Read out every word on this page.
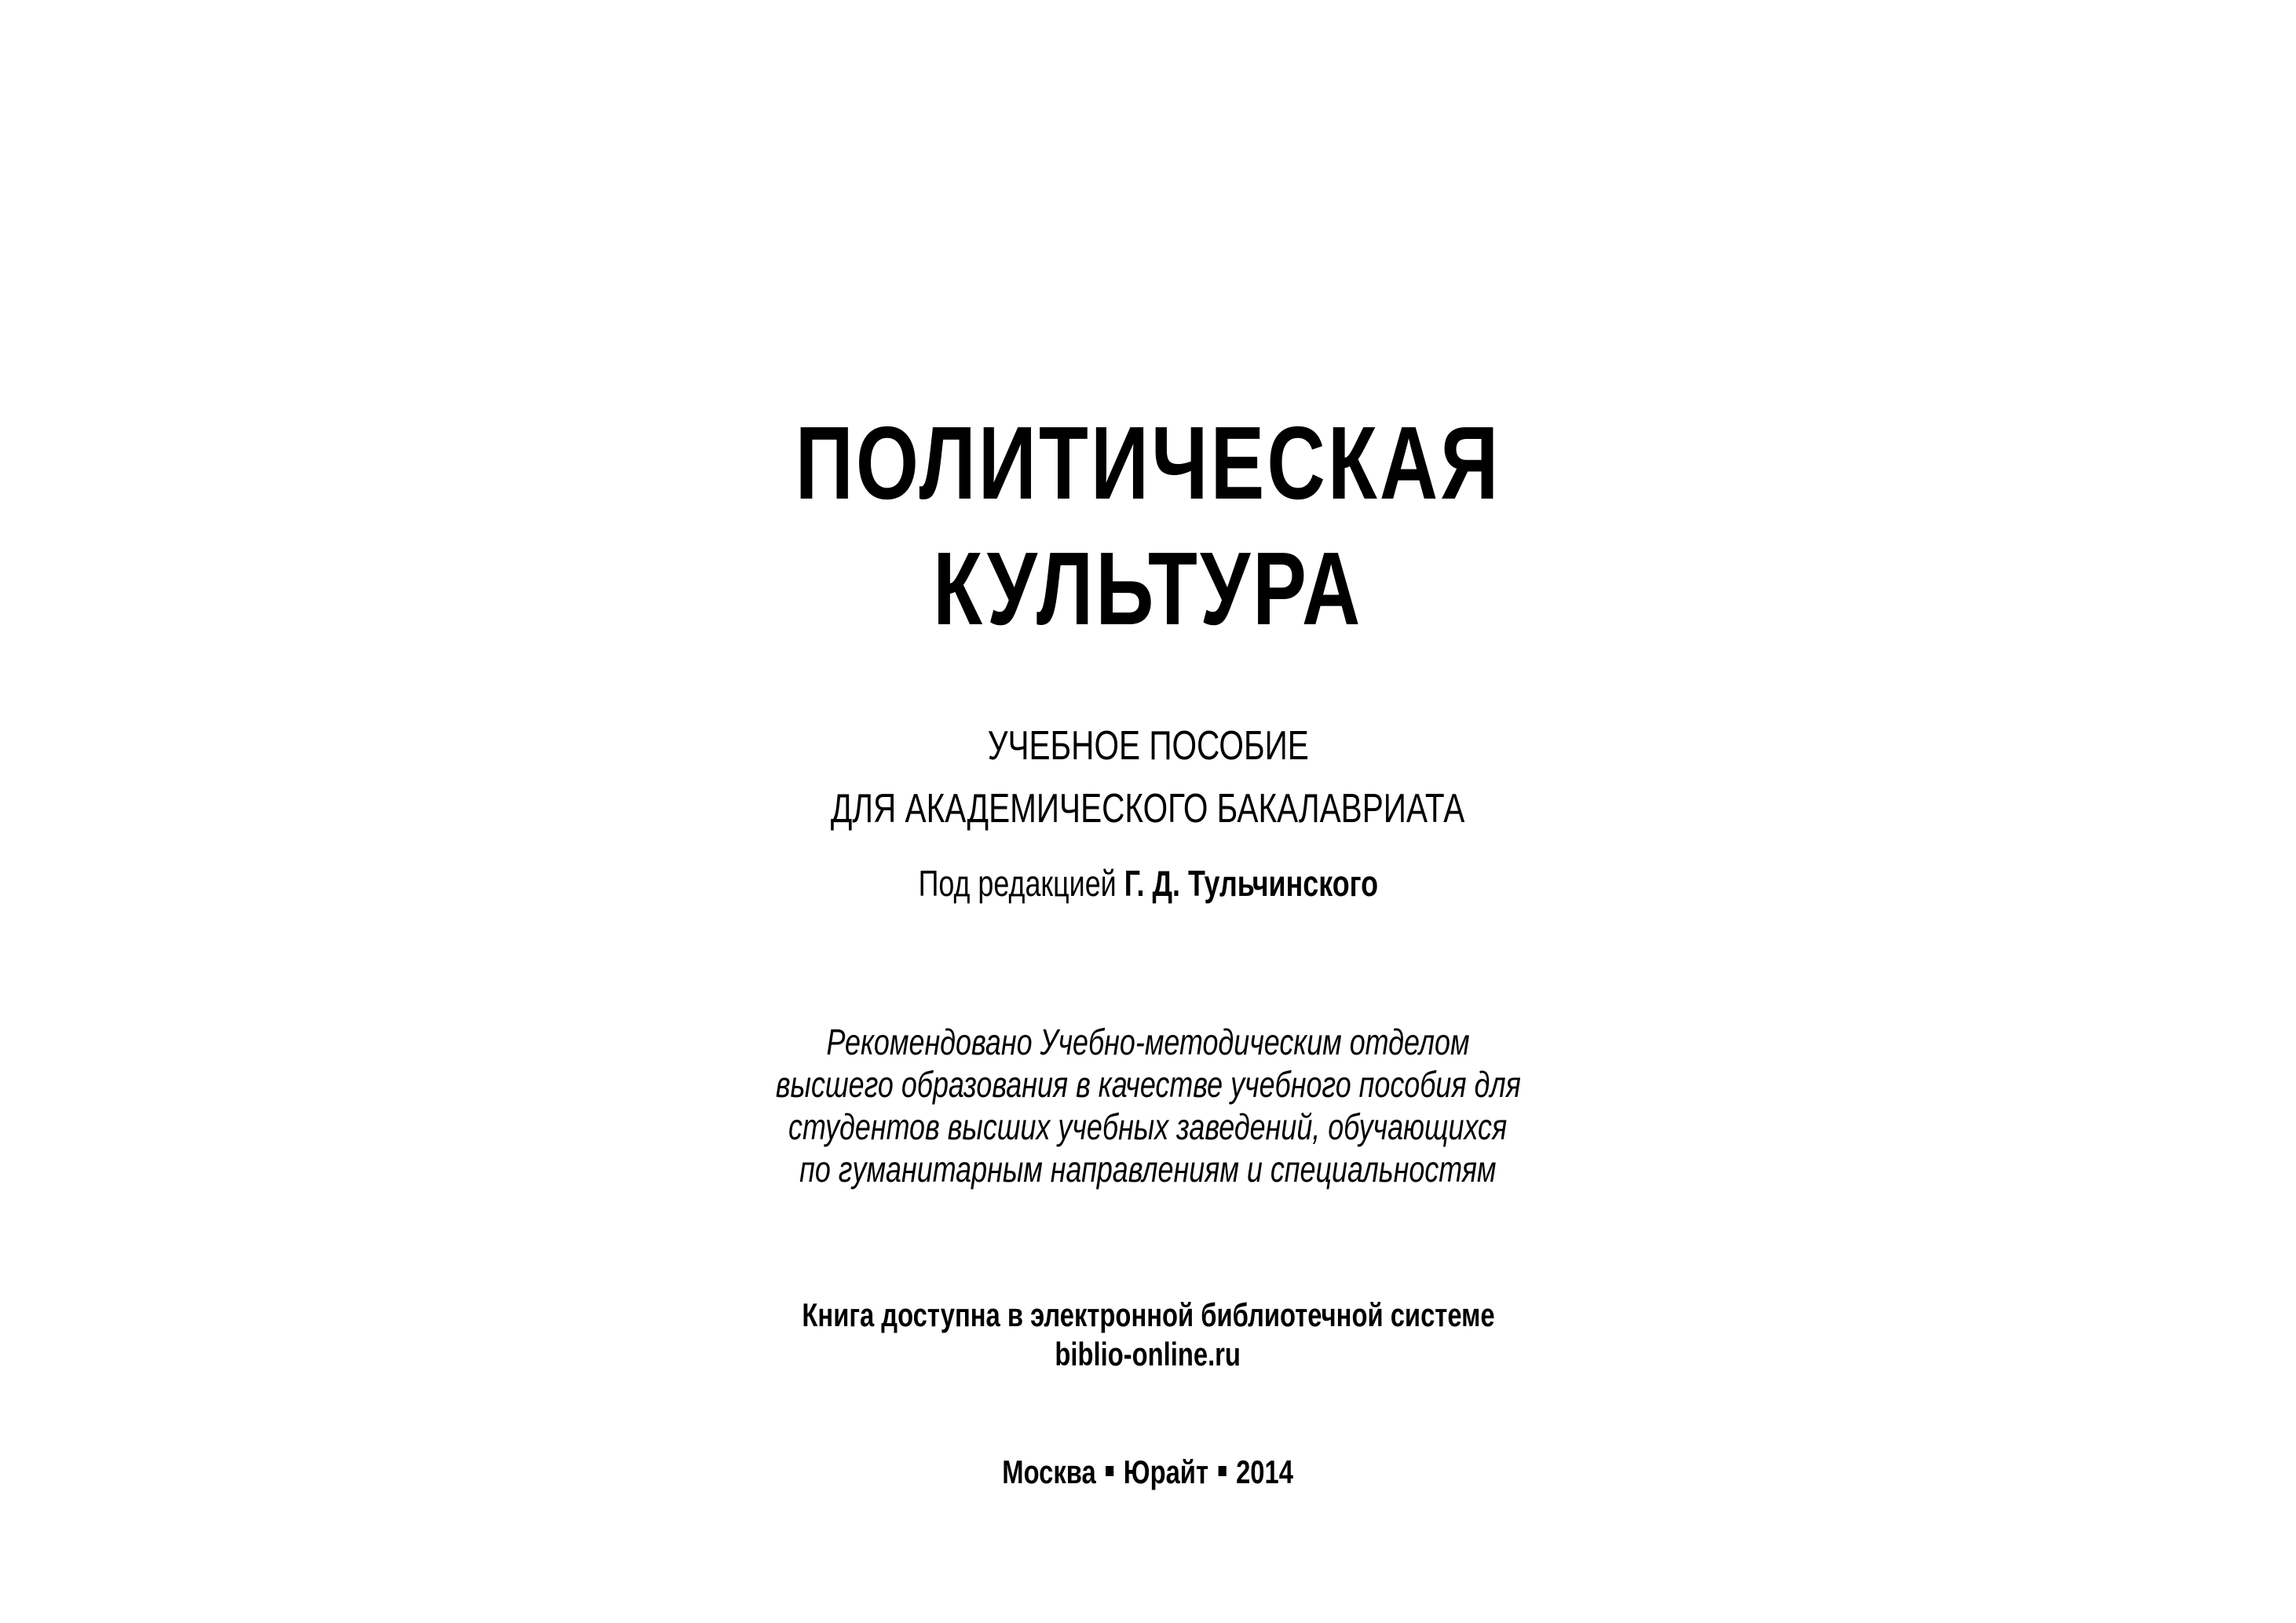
ПОЛИТИЧЕСКАЯ
КУЛЬТУРА
УЧЕБНОЕ ПОСОБИЕ
ДЛЯ АКАДЕМИЧЕСКОГО БАКАЛАВРИАТА
Под редакцией Г. Д. Тульчинского
Рекомендовано Учебно-методическим отделом
высшего образования в качестве учебного пособия для
студентов высших учебных заведений, обучающихся
по гуманитарным направлениям и специальностям
Книга доступна в электронной библиотечной системе
biblio-online.ru
Москва Юрайт 2014
